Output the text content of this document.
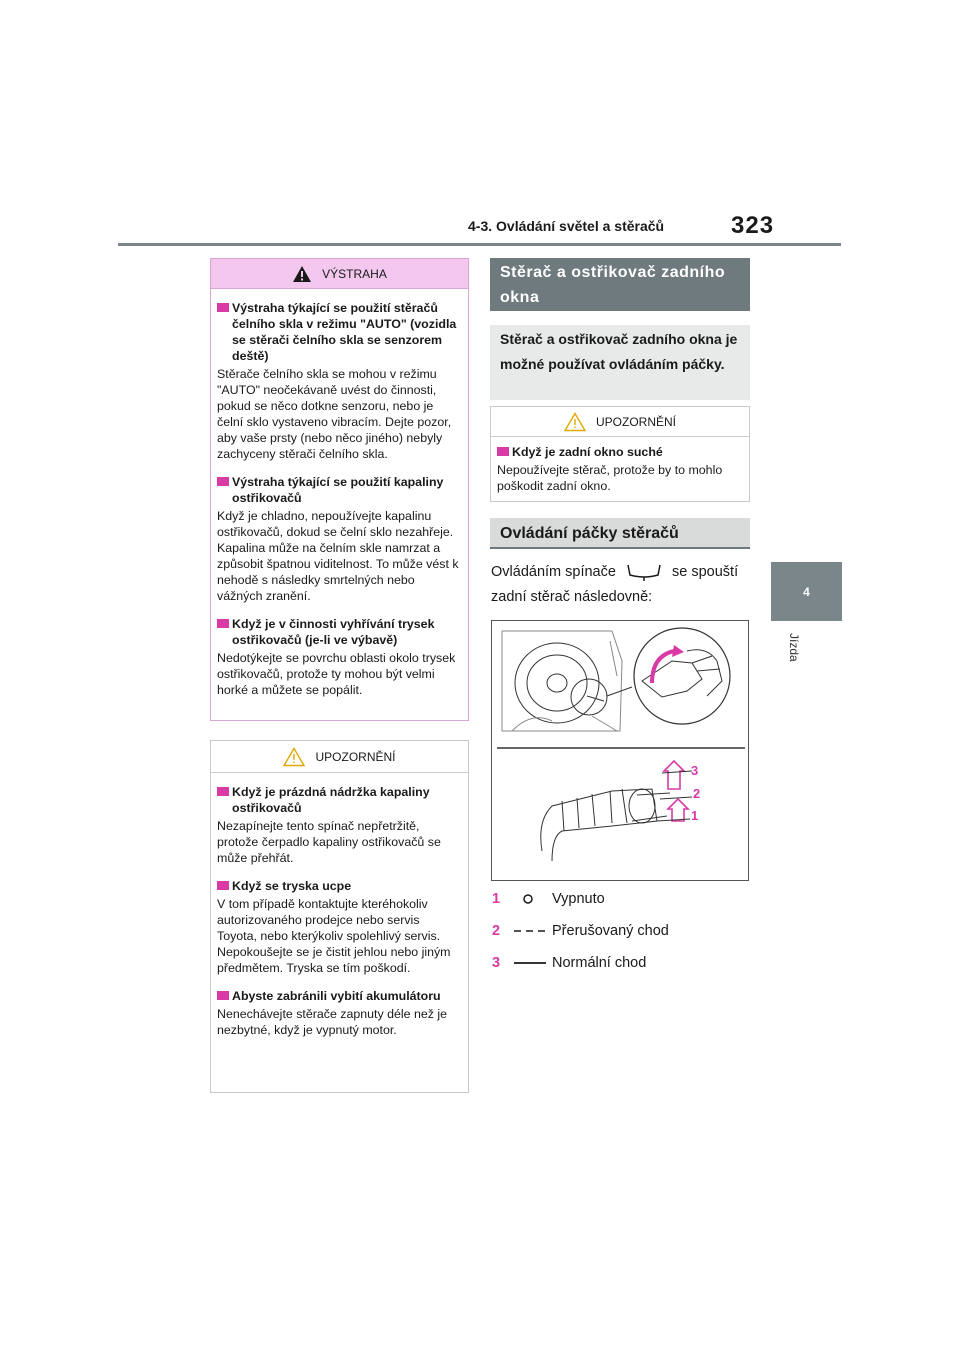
4-3. Ovládání světel a stěračů	323
4
Jízda
VÝSTRAHA
Výstraha týkající se použití stěračů čelního skla v režimu "AUTO" (vozidla se stěrači čelního skla se senzorem deště)
Stěrače čelního skla se mohou v režimu "AUTO" neočekávaně uvést do činnosti, pokud se něco dotkne senzoru, nebo je čelní sklo vystaveno vibracím. Dejte pozor, aby vaše prsty (nebo něco jiného) nebyly zachyceny stěrači čelního skla.
Výstraha týkající se použití kapaliny ostřikovačů
Když je chladno, nepoužívejte kapalinu ostřikovačů, dokud se čelní sklo nezahřeje. Kapalina může na čelním skle namrzat a způsobit špatnou viditelnost. To může vést k nehodě s následky smrtelných nebo vážných zranění.
Když je v činnosti vyhřívání trysek ostřikovačů (je-li ve výbavě)
Nedotýkejte se povrchu oblasti okolo trysek ostřikovačů, protože ty mohou být velmi horké a můžete se popálit.
UPOZORNĚNÍ
Když je prázdná nádržka kapaliny ostřikovačů
Nezapínejte tento spínač nepřetržitě, protože čerpadlo kapaliny ostřikovačů se může přehřát.
Když se tryska ucpe
V tom případě kontaktujte kteréhokoliv autorizovaného prodejce nebo servis Toyota, nebo kterýkoliv spolehlivý servis.
Nepokoušejte se je čistit jehlou nebo jiným předmětem. Tryska se tím poškodí.
Abyste zabránili vybití akumulátoru
Nenechávejte stěrače zapnuty déle než je nezbytné, když je vypnutý motor.
Stěrač a ostřikovač zadního okna
Stěrač a ostřikovač zadního okna je možné používat ovládáním páčky.
UPOZORNĚNÍ
Když je zadní okno suché
Nepoužívejte stěrač, protože by to mohlo poškodit zadní okno.
Ovládání páčky stěračů
Ovládáním spínače	se spouští zadní stěrač následovně:
3
2
1
1	Vypnuto
2	Přerušovaný chod
3	Normální chod
